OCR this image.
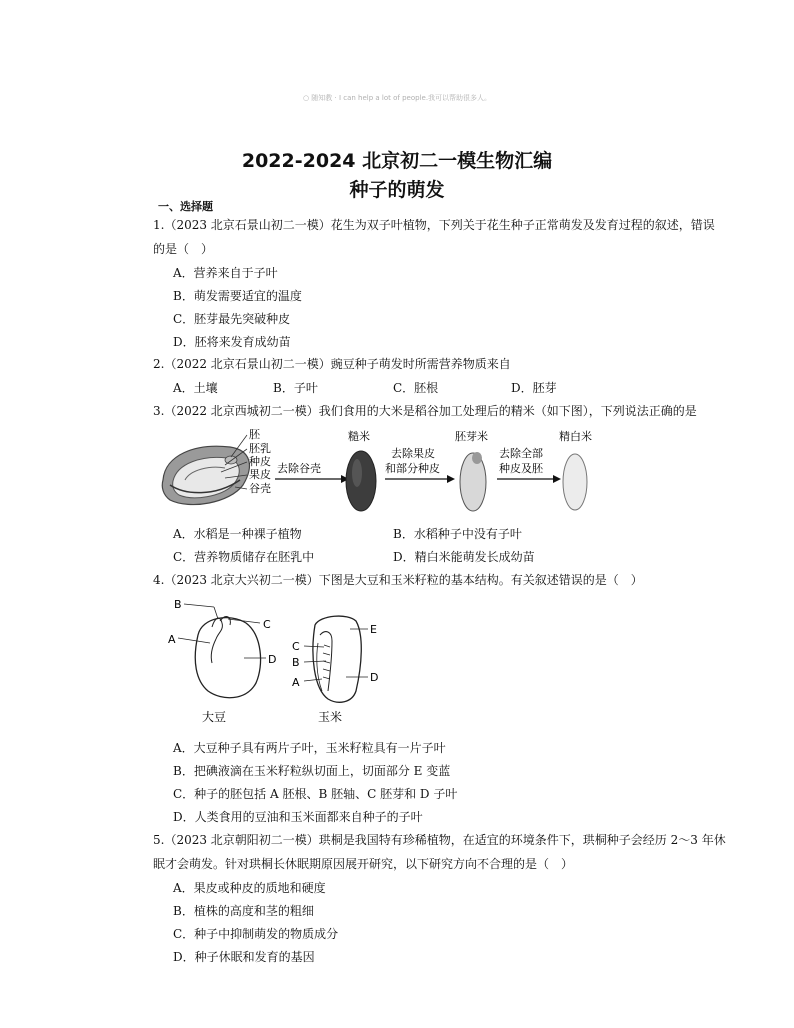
○ 随知教 · I can help a lot of people.我可以帮助很多人。
2022-2024 北京初二一模生物汇编
种子的萌发
一、选择题
1.（2023 北京石景山初二一模）花生为双子叶植物，下列关于花生种子正常萌发及发育过程的叙述，错误
的是（　）
A．营养来自于子叶
B．萌发需要适宜的温度
C．胚芽最先突破种皮
D．胚将来发育成幼苗
2.（2022 北京石景山初二一模）豌豆种子萌发时所需营养物质来自
A．土壤	B．子叶	C．胚根	D．胚芽
3.（2022 北京西城初二一模）我们食用的大米是稻谷加工处理后的精米（如下图），下列说法正确的是
胚
胚乳
种皮
果皮
谷壳
去除谷壳
糙米
去除果皮
和部分种皮
胚芽米
去除全部
种皮及胚
精白米
A．水稻是一种裸子植物	B．水稻种子中没有子叶
C．营养物质储存在胚乳中	D．精白米能萌发长成幼苗
4.（2023 北京大兴初二一模）下图是大豆和玉米籽粒的基本结构。有关叙述错误的是（　）
B
C
A
D
大豆
E
C
B
D
A
玉米
A．大豆种子具有两片子叶，玉米籽粒具有一片子叶
B．把碘液滴在玉米籽粒纵切面上，切面部分 E 变蓝
C．种子的胚包括 A 胚根、B 胚轴、C 胚芽和 D 子叶
D．人类食用的豆油和玉米面都来自种子的子叶
5.（2023 北京朝阳初二一模）珙桐是我国特有珍稀植物，在适宜的环境条件下，珙桐种子会经历 2～3 年休
眠才会萌发。针对珙桐长休眠期原因展开研究，以下研究方向不合理的是（　）
A．果皮或种皮的质地和硬度
B．植株的高度和茎的粗细
C．种子中抑制萌发的物质成分
D．种子休眠和发育的基因
